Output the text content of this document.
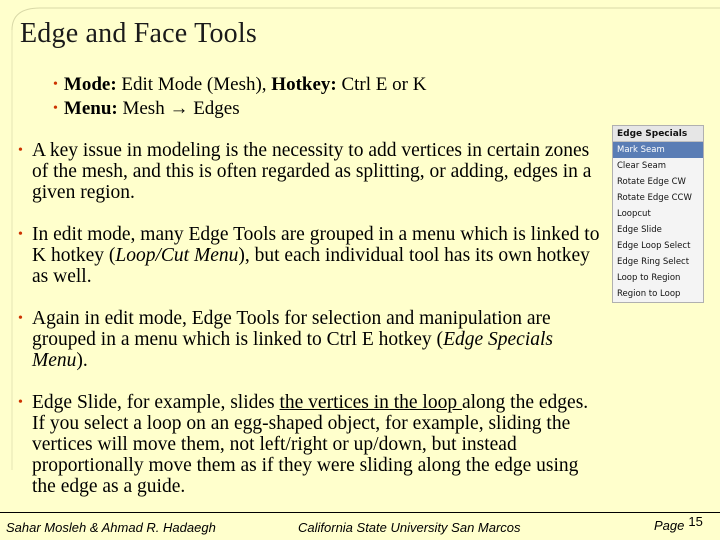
Edge and Face Tools
• Mode: Edit Mode (Mesh), Hotkey: Ctrl E or K
• Menu: Mesh → Edges
• A key issue in modeling is the necessity to add vertices in certain zones of the mesh, and this is often regarded as splitting, or adding, edges in a given region.
• In edit mode, many Edge Tools are grouped in a menu which is linked to K hotkey (Loop/Cut Menu), but each individual tool has its own hotkey as well.
• Again in edit mode, Edge Tools for selection and manipulation are grouped in a menu which is linked to Ctrl E hotkey (Edge Specials Menu).
• Edge Slide, for example, slides the vertices in the loop along the edges. If you select a loop on an egg-shaped object, for example, sliding the vertices will move them, not left/right or up/down, but instead proportionally move them as if they were sliding along the edge using the edge as a guide.
Edge Specials
Mark Seam
Clear Seam
Rotate Edge CW
Rotate Edge CCW
Loopcut
Edge Slide
Edge Loop Select
Edge Ring Select
Loop to Region
Region to Loop
Sahar Mosleh & Ahmad R. Hadaegh	California State University San Marcos	Page 15
